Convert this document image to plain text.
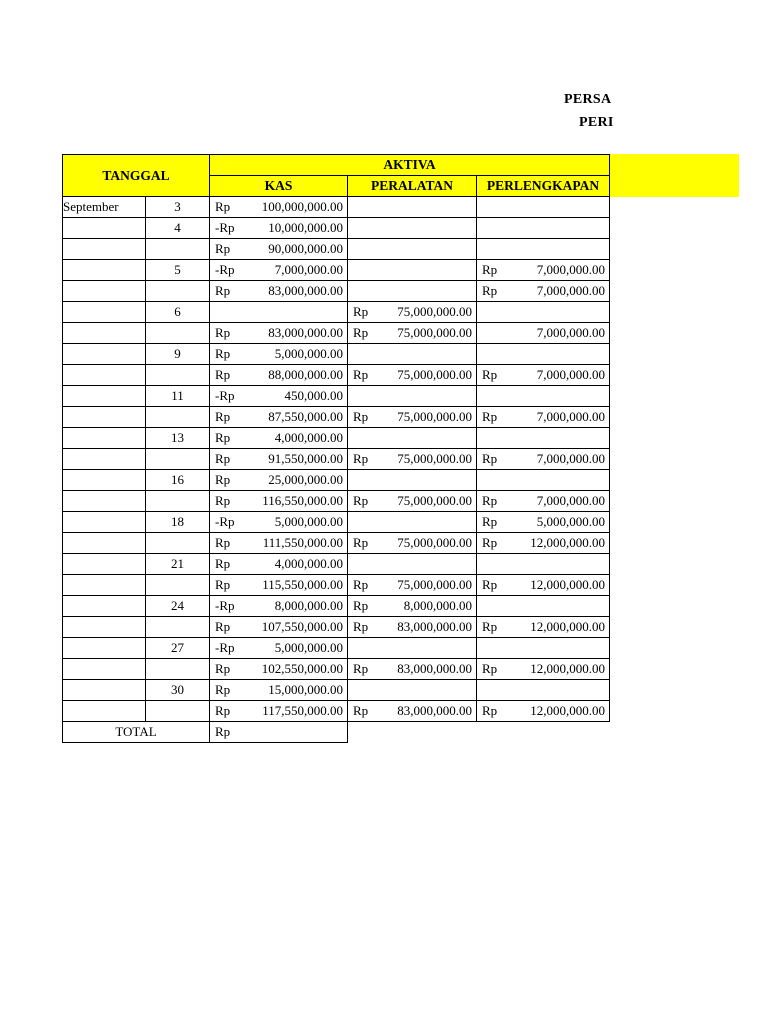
PERSA
PERI
TANGGAL		AKTIVA		
		KAS	PERALATAN	PERLENGKAPAN
September	3	Rp 100,000,000.00		

	4	-Rp 10,000,000.00		

		Rp 90,000,000.00		

	5	-Rp 7,000,000.00		Rp 7,000,000.00

		Rp 83,000,000.00		Rp 7,000,000.00

	6		Rp 75,000,000.00	

		Rp 83,000,000.00	Rp 75,000,000.00	7,000,000.00

	9	Rp 5,000,000.00		

		Rp 88,000,000.00	Rp 75,000,000.00	Rp 7,000,000.00

	11	-Rp 450,000.00		

		Rp 87,550,000.00	Rp 75,000,000.00	Rp 7,000,000.00

	13	Rp 4,000,000.00		

		Rp 91,550,000.00	Rp 75,000,000.00	Rp 7,000,000.00

	16	Rp 25,000,000.00		

		Rp 116,550,000.00	Rp 75,000,000.00	Rp 7,000,000.00

	18	-Rp 5,000,000.00		Rp 5,000,000.00

		Rp 111,550,000.00	Rp 75,000,000.00	Rp 12,000,000.00

	21	Rp 4,000,000.00		

		Rp 115,550,000.00	Rp 75,000,000.00	Rp 12,000,000.00

	24	-Rp 8,000,000.00	Rp 8,000,000.00	

		Rp 107,550,000.00	Rp 83,000,000.00	Rp 12,000,000.00

	27	-Rp 5,000,000.00		

		Rp 102,550,000.00	Rp 83,000,000.00	Rp 12,000,000.00

	30	Rp 15,000,000.00		

		Rp 117,550,000.00	Rp 83,000,000.00	Rp 12,000,000.00

TOTAL		Rp		
